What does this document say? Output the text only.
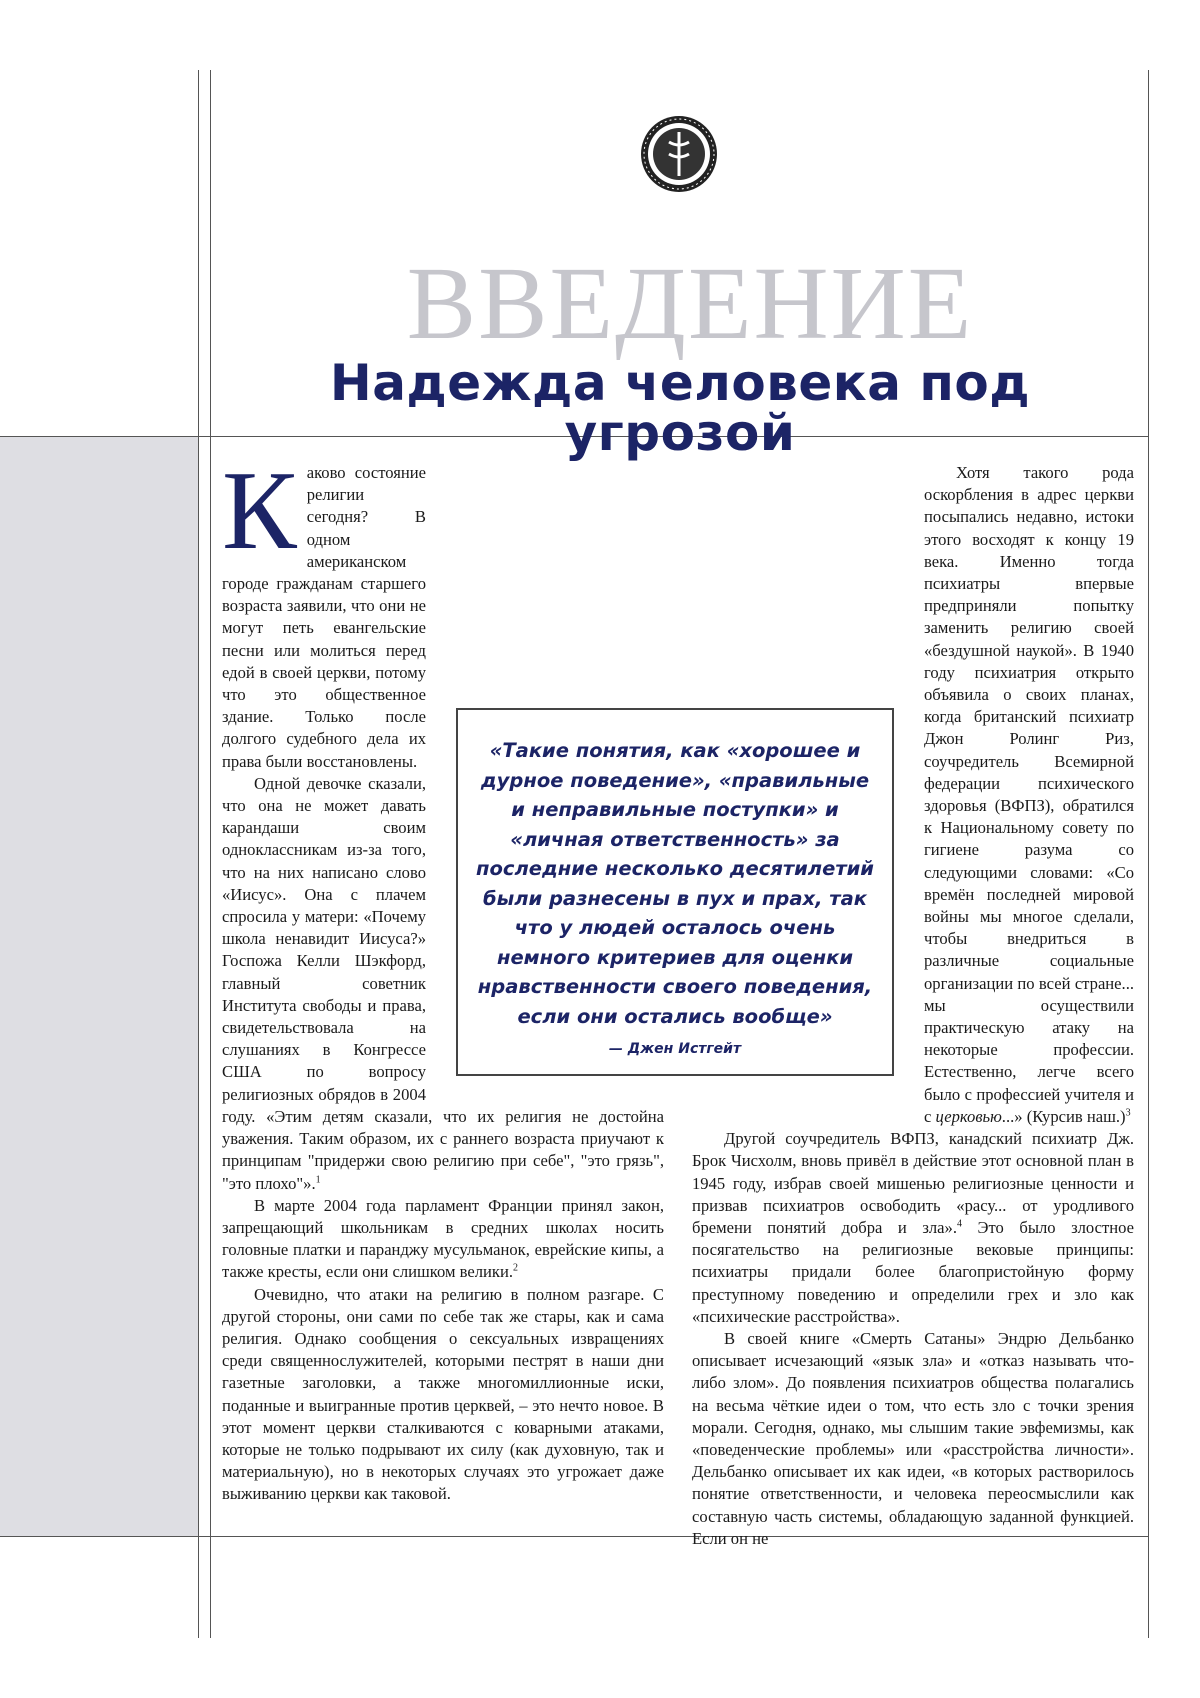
ВВЕДЕНИЕ
Надежда человека под угрозой

Каково состояние религии сегодня? В одном американском городе гражданам старшего возраста заявили, что они не могут петь евангельские песни или молиться перед едой в своей церкви, потому что это общественное здание. Только после долгого судебного дела их права были восстановлены.

Одной девочке сказали, что она не может давать карандаши своим одноклассникам из-за того, что на них написано слово «Иисус». Она с плачем спросила у матери: «Почему школа ненавидит Иисуса?» Госпожа Келли Шэкфорд, главный советник Института свободы и права, свидетельствовала на слушаниях в Конгрессе США по вопросу религиозных обрядов в 2004 году. «Этим детям сказали, что их религия не достойна уважения. Таким образом, их с раннего возраста приучают к принципам "придержи свою религию при себе", "это грязь", "это плохо"».$^1$

В марте 2004 года парламент Франции принял закон, запрещающий школьникам в средних школах носить головные платки и паранджу мусульманок, еврейские кипы, а также кресты, если они слишком велики.$^2$

Очевидно, что атаки на религию в полном разгаре. С другой стороны, они сами по себе так же стары, как и сама религия. Однако сообщения о сексуальных извращениях среди священнослужителей, которыми пестрят в наши дни газетные заголовки, а также многомиллионные иски, поданные и выигранные против церквей, – это нечто новое. В этот момент церкви сталкиваются с коварными атаками, которые не только подрывают их силу (как духовную, так и материальную), но в некоторых случаях это угрожает даже выживанию церкви как таковой.

Хотя такого рода оскорбления в адрес церкви посыпались недавно, истоки этого восходят к концу 19 века. Именно тогда психиатры впервые предприняли попытку заменить религию своей «бездушной наукой». В 1940 году психиатрия открыто объявила о своих планах, когда британский психиатр Джон Ролинг Риз, соучредитель Всемирной федерации психического здоровья (ВФПЗ), обратился к Национальному совету по гигиене разума со следующими словами: «Со времён последней мировой войны мы многое сделали, чтобы внедриться в различные социальные организации по всей стране... мы осуществили практическую атаку на некоторые профессии. Естественно, легче всего было с профессией учителя и с церковью...» (Курсив наш.)$^3$

Другой соучредитель ВФПЗ, канадский психиатр Дж. Брок Чисхолм, вновь привёл в действие этот основной план в 1945 году, избрав своей мишенью религиозные ценности и призвав психиатров освободить «расу... от уродливого бремени понятий добра и зла».$^4$ Это было злостное посягательство на религиозные вековые принципы: психиатры придали более благопристойную форму преступному поведению и определили грех и зло как «психические расстройства».

В своей книге «Смерть Сатаны» Эндрю Дельбанко описывает исчезающий «язык зла» и «отказ называть что-либо злом». До появления психиатров общества полагались на весьма чёткие идеи о том, что есть зло с точки зрения морали. Сегодня, однако, мы слышим такие эвфемизмы, как «поведенческие проблемы» или «расстройства личности». Дельбанко описывает их как идеи, «в которых растворилось понятие ответственности, и человека переосмыслили как составную часть системы, обладающую заданной функцией. Если он не

«Такие понятия, как «хорошее и дурное поведение», «правильные и неправильные поступки» и «личная ответственность» за последние несколько десятилетий были разнесены в пух и прах, так что у людей осталось очень немного критериев для оценки нравственности своего поведения, если они остались вообще»

— Джен Истгейт
